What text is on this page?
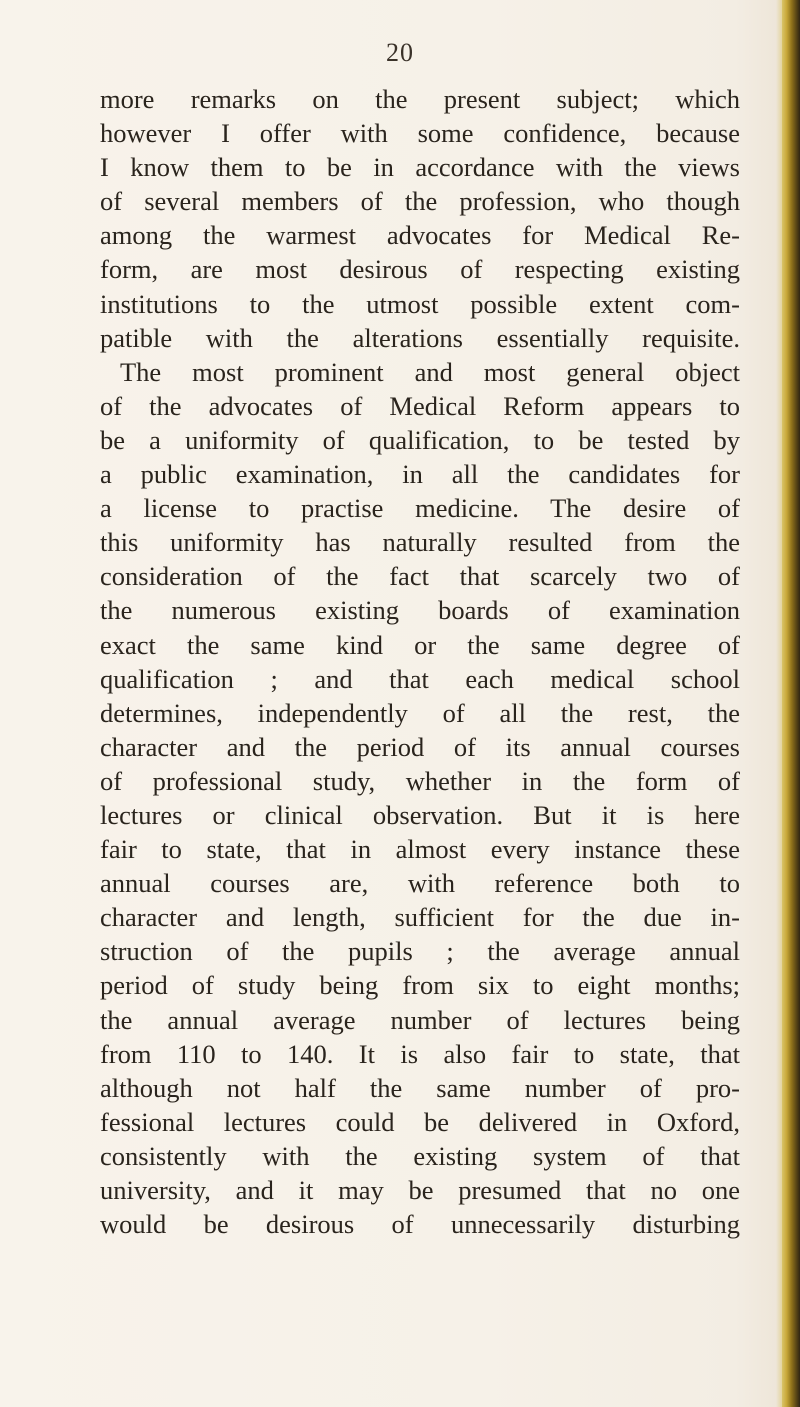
20
more remarks on the present subject; which
however I offer with some confidence, because
I know them to be in accordance with the views
of several members of the profession, who though
among the warmest advocates for Medical Re-
form, are most desirous of respecting existing
institutions to the utmost possible extent com-
patible with the alterations essentially requisite.
The most prominent and most general object
of the advocates of Medical Reform appears to
be a uniformity of qualification, to be tested by
a public examination, in all the candidates for
a license to practise medicine. The desire of
this uniformity has naturally resulted from the
consideration of the fact that scarcely two of
the numerous existing boards of examination
exact the same kind or the same degree of
qualification ; and that each medical school
determines, independently of all the rest, the
character and the period of its annual courses
of professional study, whether in the form of
lectures or clinical observation. But it is here
fair to state, that in almost every instance these
annual courses are, with reference both to
character and length, sufficient for the due in-
struction of the pupils ; the average annual
period of study being from six to eight months;
the annual average number of lectures being
from 110 to 140. It is also fair to state, that
although not half the same number of pro-
fessional lectures could be delivered in Oxford,
consistently with the existing system of that
university, and it may be presumed that no one
would be desirous of unnecessarily disturbing
